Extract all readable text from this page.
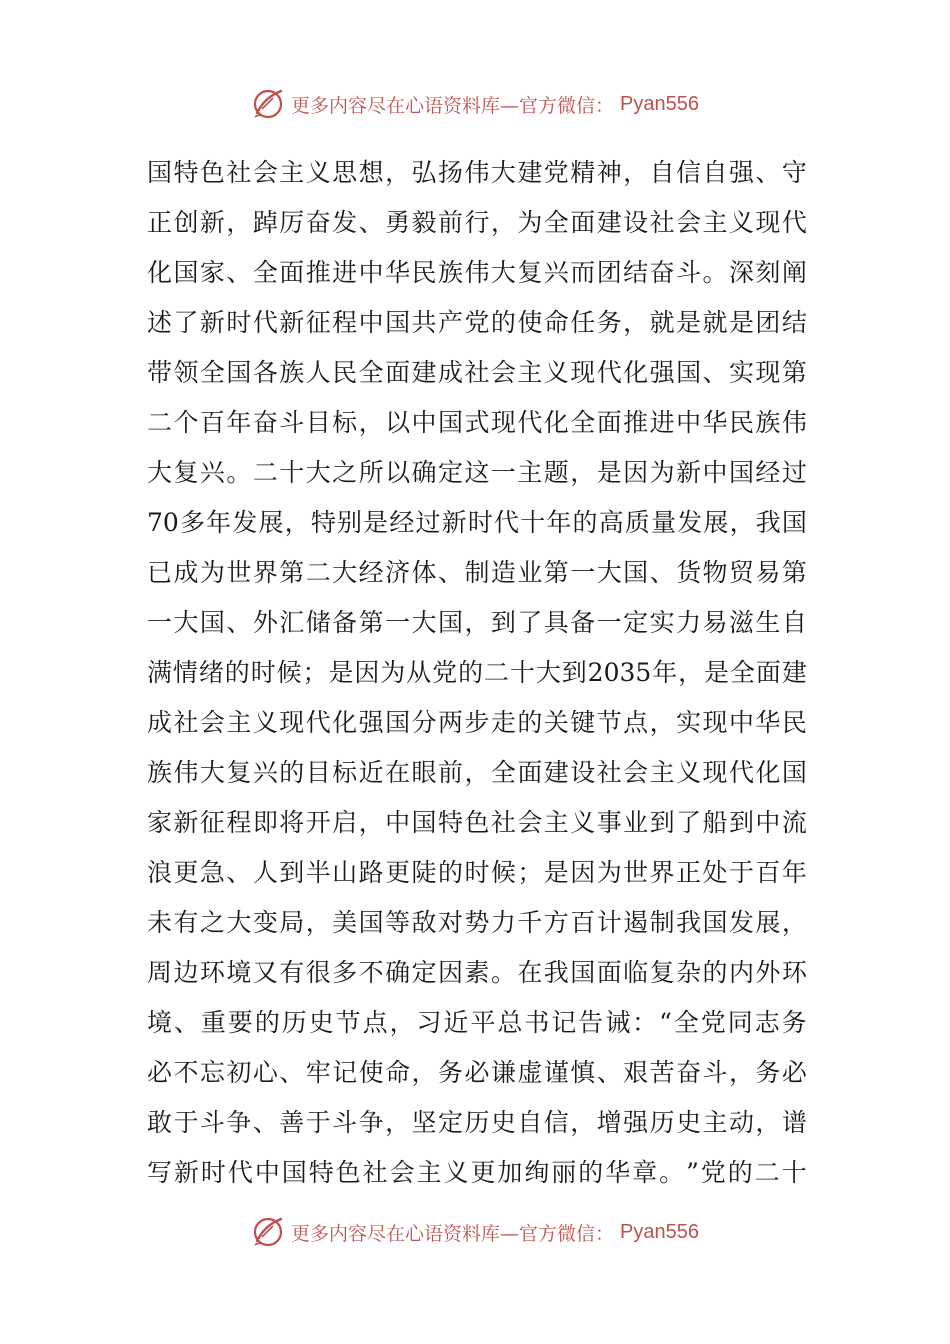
更多内容尽在心语资料库—官方微信： Pyan556
国 特 色 社 会 主 义 思 想 ， 弘 扬 伟 大 建 党 精 神 ， 自 信 自 强 、 守
正 创 新 ， 踔 厉 奋 发 、 勇 毅 前 行 ， 为 全 面 建 设 社 会 主 义 现 代
化 国 家 、 全 面 推 进 中 华 民 族 伟 大 复 兴 而 团 结 奋 斗 。 深 刻 阐
述 了 新 时 代 新 征 程 中 国 共 产 党 的 使 命 任 务 ， 就 是 就 是 团 结
带 领 全 国 各 族 人 民 全 面 建 成 社 会 主 义 现 代 化 强 国 、 实 现 第
二 个 百 年 奋 斗 目 标 ， 以 中 国 式 现 代 化 全 面 推 进 中 华 民 族 伟
大 复 兴 。 二 十 大 之 所 以 确 定 这 一 主 题 ， 是 因 为 新 中 国 经 过
70 多 年 发 展 ， 特 别 是 经 过 新 时 代 十 年 的 高 质 量 发 展 ， 我 国
已 成 为 世 界 第 二 大 经 济 体 、 制 造 业 第 一 大 国 、 货 物 贸 易 第
一 大 国 、 外 汇 储 备 第 一 大 国 ， 到 了 具 备 一 定 实 力 易 滋 生 自
满 情 绪 的 时 候 ； 是 因 为 从 党 的 二 十 大 到 2035 年 ， 是 全 面 建
成 社 会 主 义 现 代 化 强 国 分 两 步 走 的 关 键 节 点 ， 实 现 中 华 民
族 伟 大 复 兴 的 目 标 近 在 眼 前 ， 全 面 建 设 社 会 主 义 现 代 化 国
家 新 征 程 即 将 开 启 ， 中 国 特 色 社 会 主 义 事 业 到 了 船 到 中 流
浪 更 急 、 人 到 半 山 路 更 陡 的 时 候 ； 是 因 为 世 界 正 处 于 百 年
未 有 之 大 变 局 ， 美 国 等 敌 对 势 力 千 方 百 计 遏 制 我 国 发 展 ，
周 边 环 境 又 有 很 多 不 确 定 因 素 。 在 我 国 面 临 复 杂 的 内 外 环
境 、 重 要 的 历 史 节 点 ， 习 近 平 总 书 记 告 诫 ： “ 全 党 同 志 务
必 不 忘 初 心 、 牢 记 使 命 ， 务 必 谦 虚 谨 慎 、 艰 苦 奋 斗 ， 务 必
敢 于 斗 争 、 善 于 斗 争 ， 坚 定 历 史 自 信 ， 增 强 历 史 主 动 ， 谱
写 新 时 代 中 国 特 色 社 会 主 义 更 加 绚 丽 的 华 章 。 ” 党 的 二 十
更多内容尽在心语资料库—官方微信： Pyan556
